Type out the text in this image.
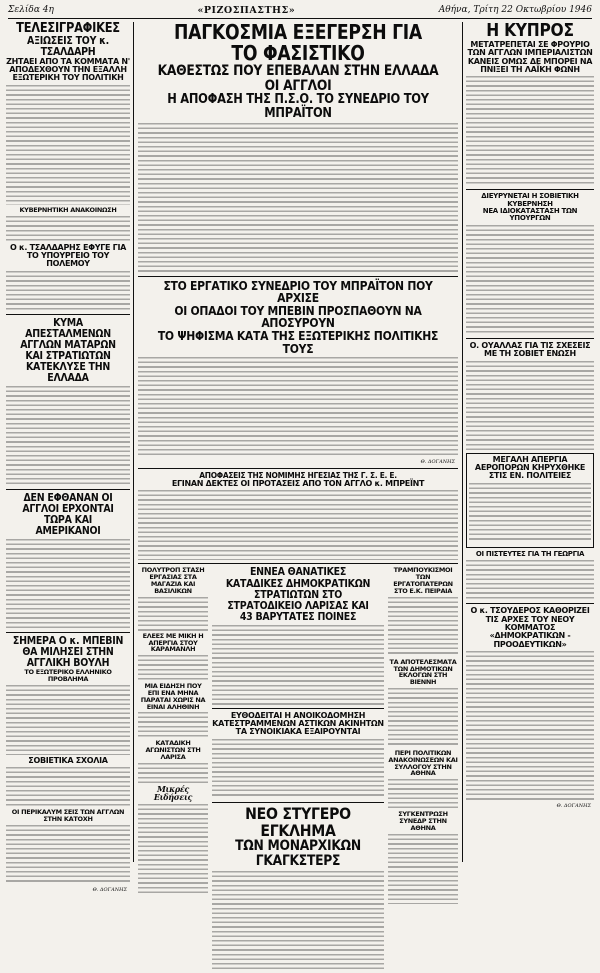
Σελίδα 4η	«ΡΙΖΟΣΠΑΣΤΗΣ»	Αθήνα, Τρίτη 22 Οκτωβρίου 1946

ΤΕΛΕΣΙΓΡΑΦΙΚΕΣ

ΑΞΙΩΣΕΙΣ ΤΟΥ κ. ΤΣΑΛΔΑΡΗ

ΖΗΤΑΕΙ ΑΠΟ ΤΑ ΚΟΜΜΑΤΑ Ν' ΑΠΟΔΕΧΘΟΥΝ ΤΗΝ ΕΞΑΛΛΗ ΕΞΩΤΕΡΙΚΗ ΤΟΥ ΠΟΛΙΤΙΚΗ

ΚΥΒΕΡΝΗΤΙΚΗ ΑΝΑΚΟΙΝΩΣΗ

Ο κ. ΤΣΑΛΔΑΡΗΣ ΕΦΥΓΕ ΓΙΑ ΤΟ ΥΠΟΥΡΓΕΙΟ ΤΟΥ ΠΟΛΕΜΟΥ

ΚΥΜΑ ΑΠΕΣΤΑΛΜΕΝΩΝ ΑΓΓΛΩΝ ΜΑΤΑΡΩΝ ΚΑΙ ΣΤΡΑΤΙΩΤΩΝ ΚΑΤΕΚΛΥΣΕ ΤΗΝ ΕΛΛΑΔΑ

ΔΕΝ ΕΦΘΑΝΑΝ ΟΙ ΑΓΓΛΟΙ ΕΡΧΟΝΤΑΙ ΤΩΡΑ ΚΑΙ ΑΜΕΡΙΚΑΝΟΙ

ΣΗΜΕΡΑ Ο κ. ΜΠΕΒΙΝ ΘΑ ΜΙΛΗΣΕΙ ΣΤΗΝ ΑΓΓΛΙΚΗ ΒΟΥΛΗ

ΤΟ ΕΞΩΤΕΡΙΚΟ ΕΛΛΗΝΙΚΟ ΠΡΟΒΛΗΜΑ

ΣΟΒΙΕΤΙΚΑ ΣΧΟΛΙΑ

ΟΙ ΠΕΡΙΚΑΛΥΜ ΣΕΙΣ ΤΩΝ ΑΓΓΛΩΝ ΣΤΗΝ ΚΑΤΟΧΗ

Θ. ΔΟΓΑΝΗΣ

ΠΑΓΚΟΣΜΙΑ ΕΞΕΓΕΡΣΗ ΓΙΑ ΤΟ ΦΑΣΙΣΤΙΚΟ

ΚΑΘΕΣΤΩΣ ΠΟΥ ΕΠΕΒΑΛΑΝ ΣΤΗΝ ΕΛΛΑΔΑ ΟΙ ΑΓΓΛΟΙ

Η ΑΠΟΦΑΣΗ ΤΗΣ Π.Σ.Ο. ΤΟ ΣΥΝΕΔΡΙΟ ΤΟΥ ΜΠΡΑΪΤΟΝ

ΣΤΟ ΕΡΓΑΤΙΚΟ ΣΥΝΕΔΡΙΟ ΤΟΥ ΜΠΡΑΪΤΟΝ ΠΟΥ ΑΡΧΙΣΕ

ΟΙ ΟΠΑΔΟΙ ΤΟΥ ΜΠΕΒΙΝ ΠΡΟΣΠΑΘΟΥΝ ΝΑ ΑΠΟΣΥΡΟΥΝ

ΤΟ ΨΗΦΙΣΜΑ ΚΑΤΑ ΤΗΣ ΕΞΩΤΕΡΙΚΗΣ ΠΟΛΙΤΙΚΗΣ ΤΟΥΣ

Θ. ΔΟΓΑΝΗΣ

ΑΠΟΦΑΣΕΙΣ ΤΗΣ ΝΟΜΙΜΗΣ ΗΓΕΣΙΑΣ ΤΗΣ Γ. Σ. Ε. Ε.

ΕΓΙΝΑΝ ΔΕΚΤΕΣ ΟΙ ΠΡΟΤΑΣΕΙΣ ΑΠΟ ΤΟΝ ΑΓΓΛΟ κ. ΜΠΡΕΪΝΤ

ΠΟΛΥΤΡΟΠ ΣΤΑΣΗ ΕΡΓΑΣΙΑΣ ΣΤΑ ΜΑΓΑΖΙΑ ΚΑΙ ΒΑΣΙΛΙΚΩΝ

ΕΛΕΕΣ ΜΕ ΜΙΚΗ Η ΑΠΕΡΓΙΑ ΣΤΟΥ ΚΑΡΑΜΑΝΛΗ

ΜΙΑ ΕΙΔΗΣΗ ΠΟΥ ΕΠΙ ΕΝΑ ΜΗΝΑ ΠΑΡΑΤΑΙ ΧΩΡΙΣ ΝΑ ΕΙΝΑΙ ΑΛΗΘΙΝΗ

ΚΑΤΑΔΙΚΗ ΑΓΩΝΙΣΤΩΝ ΣΤΗ ΛΑΡΙΣΑ

Μικρές Ειδήσεις

ΕΝΝΕΑ ΘΑΝΑΤΙΚΕΣ ΚΑΤΑΔΙΚΕΣ ΔΗΜΟΚΡΑΤΙΚΩΝ ΣΤΡΑΤΙΩΤΩΝ ΣΤΟ ΣΤΡΑΤΟΔΙΚΕΙΟ ΛΑΡΙΣΑΣ ΚΑΙ 43 ΒΑΡΥΤΑΤΕΣ ΠΟΙΝΕΣ

ΕΥΘΟΔΕΙΤΑΙ Η ΑΝΟΙΚΟΔΟΜΗΣΗ ΚΑΤΕΣΤΡΑΜΜΕΝΩΝ ΑΣΤΙΚΩΝ ΑΚΙΝΗΤΩΝ

ΤΑ ΣΥΝΟΙΚΙΑΚΑ ΕΞΑΙΡΟΥΝΤΑΙ

ΝΕΟ ΣΤΥΓΕΡΟ ΕΓΚΛΗΜΑ

ΤΩΝ ΜΟΝΑΡΧΙΚΩΝ ΓΚΑΓΚΣΤΕΡΣ

ΤΡΑΜΠΟΥΚΙΣΜΟΙ ΤΩΝ ΕΡΓΑΤΟΠΑΤΕΡΩΝ ΣΤΟ Ε.Κ. ΠΕΙΡΑΙΑ

ΤΑ ΑΠΟΤΕΛΕΣΜΑΤΑ ΤΩΝ ΔΗΜΟΤΙΚΩΝ ΕΚΛΟΓΩΝ ΣΤΗ ΒΙΕΝΝΗ

ΠΕΡΙ ΠΟΛΙΤΙΚΩΝ ΑΝΑΚΟΙΝΩΣΕΩΝ ΚΑΙ ΣΥΛΛΟΓΟΥ ΣΤΗΝ ΑΘΗΝΑ

ΣΥΓΚΕΝΤΡΩΣΗ ΣΥΝΕΔΡ ΣΤΗΝ ΑΘΗΝΑ

Η ΚΥΠΡΟΣ

ΜΕΤΑΤΡΕΠΕΤΑΙ ΣΕ ΦΡΟΥΡΙΟ ΤΩΝ ΑΓΓΛΩΝ ΙΜΠΕΡΙΑΛΙΣΤΩΝ

ΚΑΝΕΙΣ ΟΜΩΣ ΔΕ ΜΠΟΡΕΙ ΝΑ ΠΝΙΞΕΙ ΤΗ ΛΑΪΚΗ ΦΩΝΗ

ΔΙΕΥΡΥΝΕΤΑΙ Η ΣΟΒΙΕΤΙΚΗ ΚΥΒΕΡΝΗΣΗ

ΝΕΑ ΙΔΙΟΚΑΤΑΣΤΑΣΗ ΤΩΝ ΥΠΟΥΡΓΩΝ

Ο. ΟΥΑΛΛΑΣ ΓΙΑ ΤΙΣ ΣΧΕΣΕΙΣ ΜΕ ΤΗ ΣΟΒΙΕΤ ΕΝΩΣΗ

ΜΕΓΑΛΗ ΑΠΕΡΓΙΑ ΑΕΡΟΠΟΡΩΝ ΚΗΡΥΧΘΗΚΕ ΣΤΙΣ ΕΝ. ΠΟΛΙΤΕΙΕΣ

ΟΙ ΠΙΣΤΕΥΤΕΣ ΓΙΑ ΤΗ ΓΕΩΡΓΙΑ

Ο κ. ΤΣΟΥΔΕΡΟΣ ΚΑΘΟΡΙΖΕΙ ΤΙΣ ΑΡΧΕΣ ΤΟΥ ΝΕΟΥ ΚΟΜΜΑΤΟΣ «ΔΗΜΟΚΡΑΤΙΚΩΝ - ΠΡΟΟΔΕΥΤΙΚΩΝ»

Θ. ΔΟΓΑΝΗΣ
